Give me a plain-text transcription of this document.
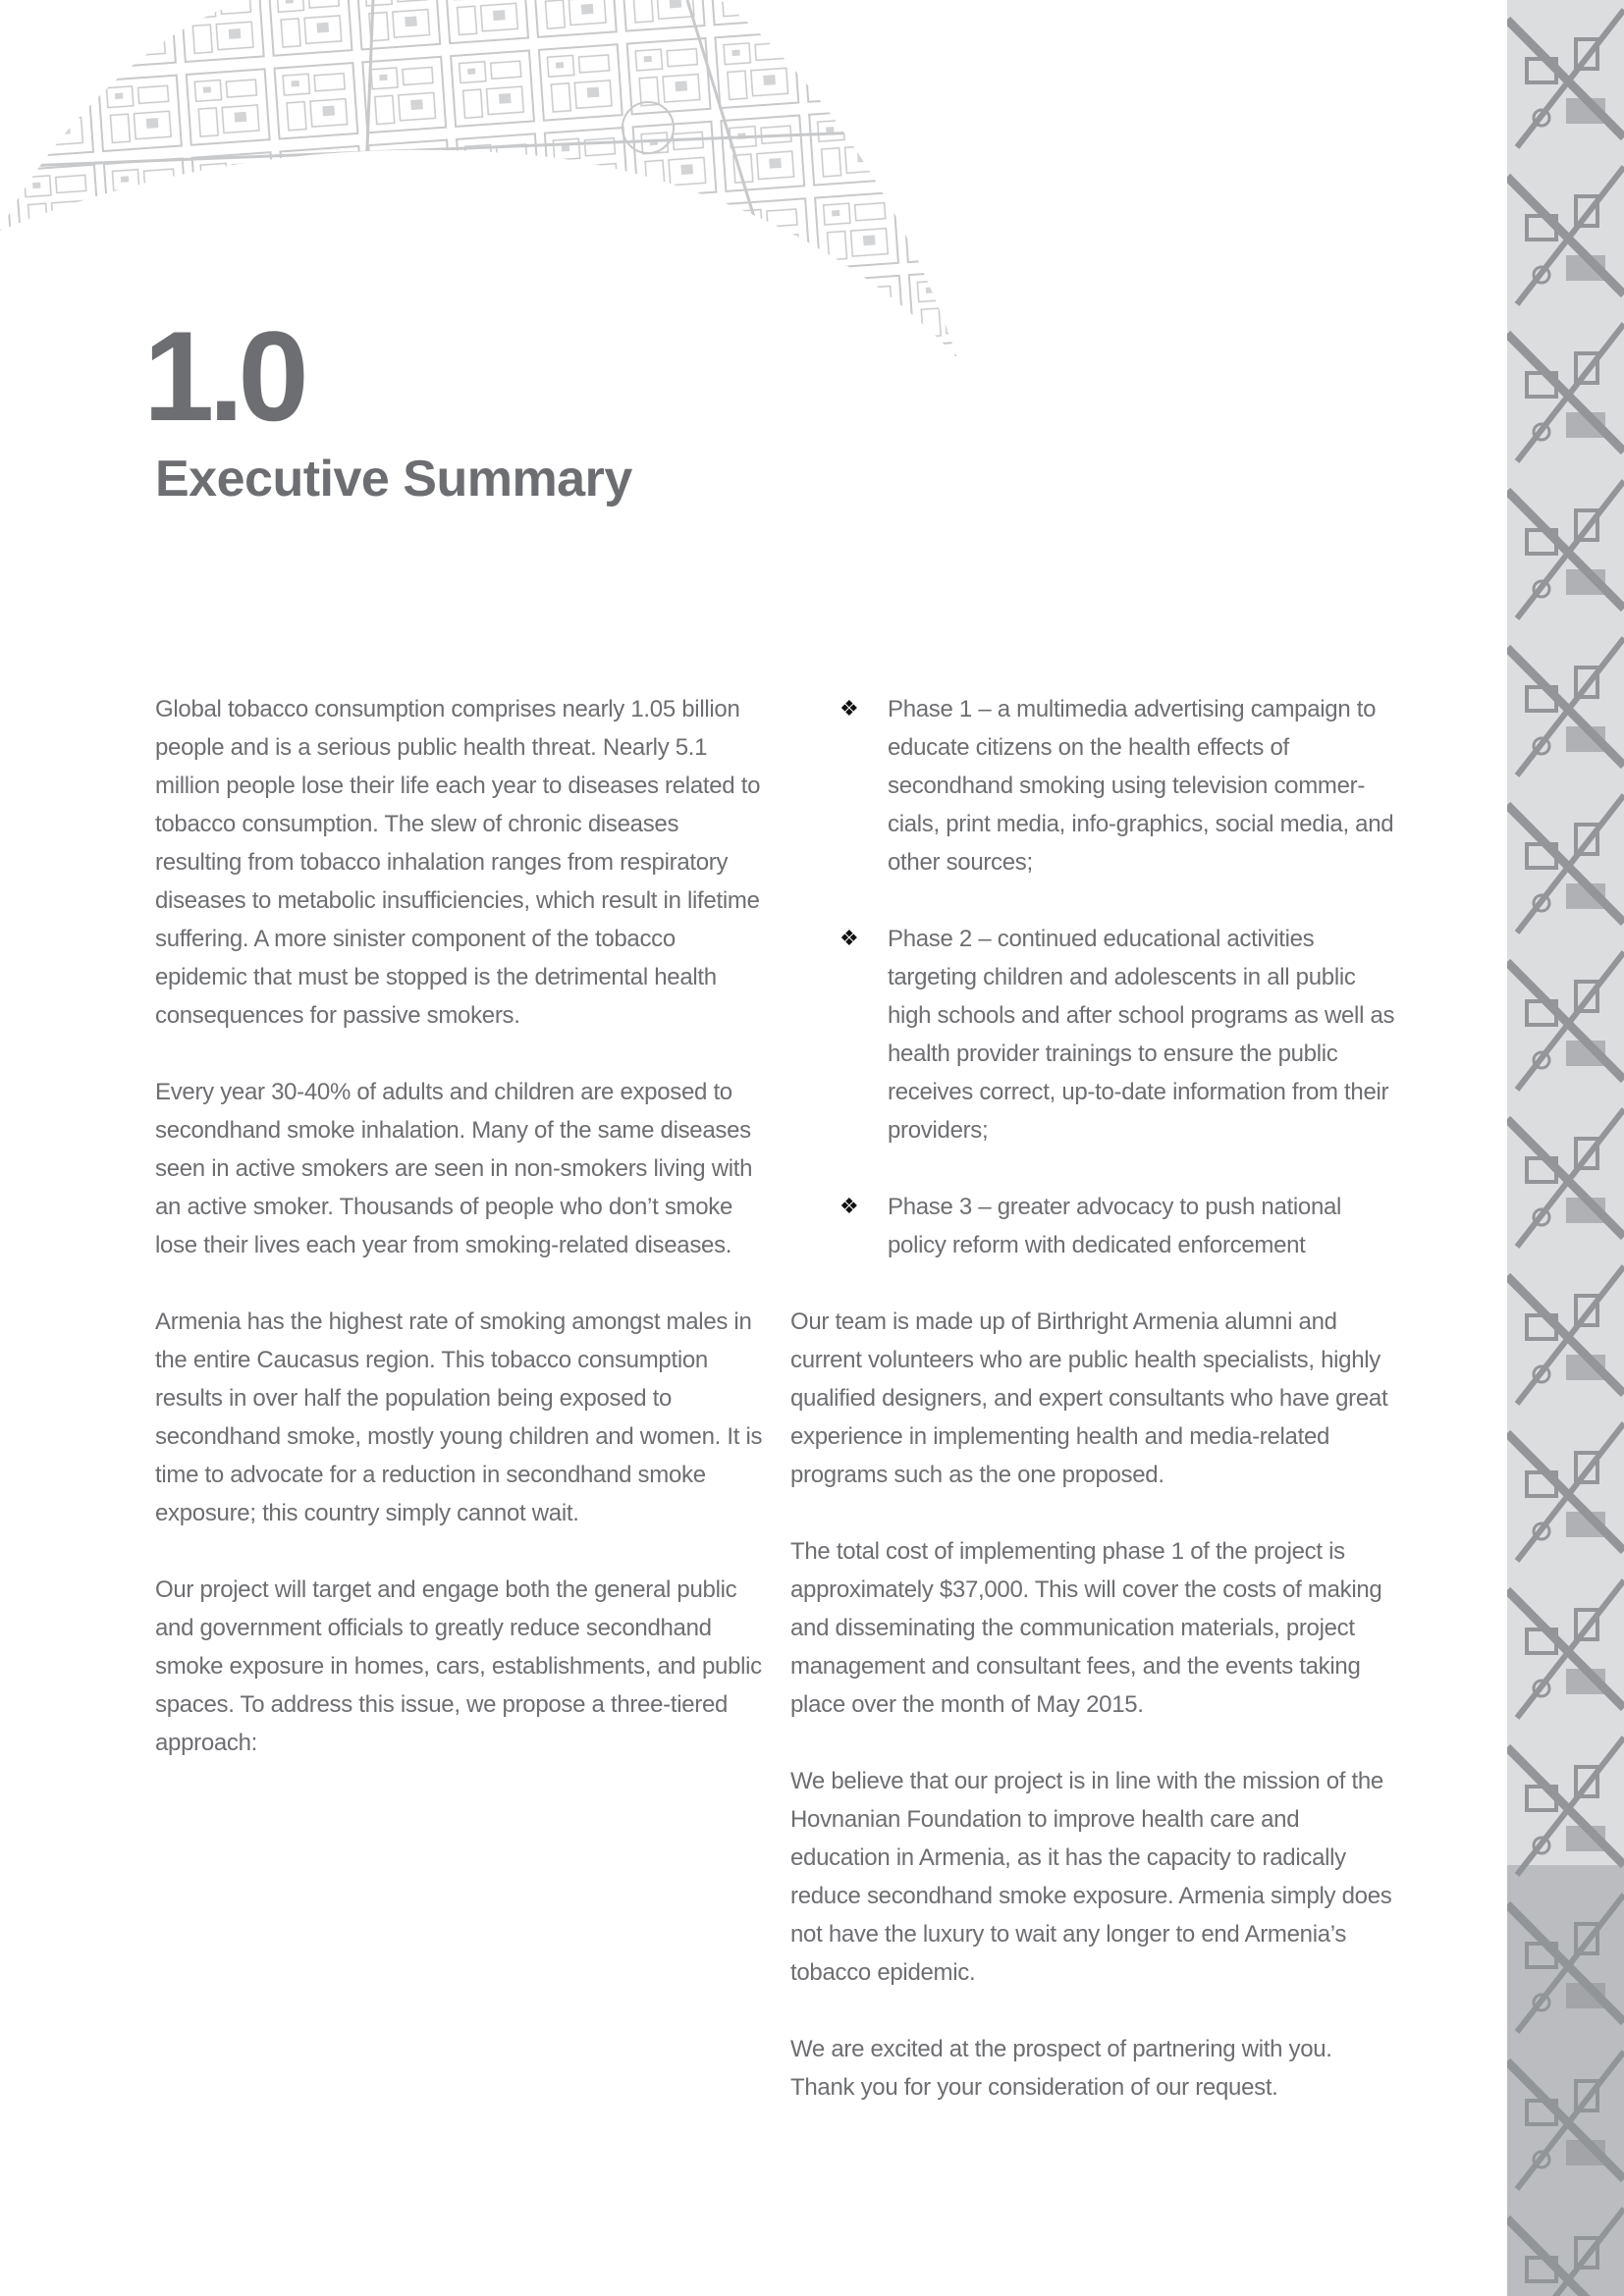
1.0
Executive Summary

Global tobacco consumption comprises nearly 1.05 billion people and is a serious public health threat. Nearly 5.1 million people lose their life each year to diseases related to tobacco consumption. The slew of chronic diseases resulting from tobacco inhalation ranges from respiratory diseases to metabolic insufficiencies, which result in lifetime suffering. A more sinister component of the tobacco epidemic that must be stopped is the detrimental health consequences for passive smokers.

Every year 30-40% of adults and children are exposed to secondhand smoke inhalation. Many of the same diseases seen in active smokers are seen in non-smokers living with an active smoker. Thousands of people who don’t smoke lose their lives each year from smoking-related diseases.

Armenia has the highest rate of smoking amongst males in the entire Caucasus region. This tobacco consumption results in over half the population being exposed to secondhand smoke, mostly young children and women. It is time to advocate for a reduction in secondhand smoke exposure; this country simply cannot wait.

Our project will target and engage both the general public and government officials to greatly reduce secondhand smoke exposure in homes, cars, establishments, and public spaces. To address this issue, we propose a three-tiered approach:

❖ Phase 1 – a multimedia advertising campaign to educate citizens on the health effects of secondhand smoking using television commer-cials, print media, info-graphics, social media, and other sources;
❖ Phase 2 – continued educational activities targeting children and adolescents in all public high schools and after school programs as well as health provider trainings to ensure the public receives correct, up-to-date information from their providers;
❖ Phase 3 – greater advocacy to push national policy reform with dedicated enforcement

Our team is made up of Birthright Armenia alumni and current volunteers who are public health specialists, highly qualified designers, and expert consultants who have great experience in implementing health and media-related programs such as the one proposed.

The total cost of implementing phase 1 of the project is approximately $37,000. This will cover the costs of making and disseminating the communication materials, project management and consultant fees, and the events taking place over the month of May 2015.

We believe that our project is in line with the mission of the Hovnanian Foundation to improve health care and education in Armenia, as it has the capacity to radically reduce secondhand smoke exposure. Armenia simply does not have the luxury to wait any longer to end Armenia’s tobacco epidemic.

We are excited at the prospect of partnering with you. Thank you for your consideration of our request.
